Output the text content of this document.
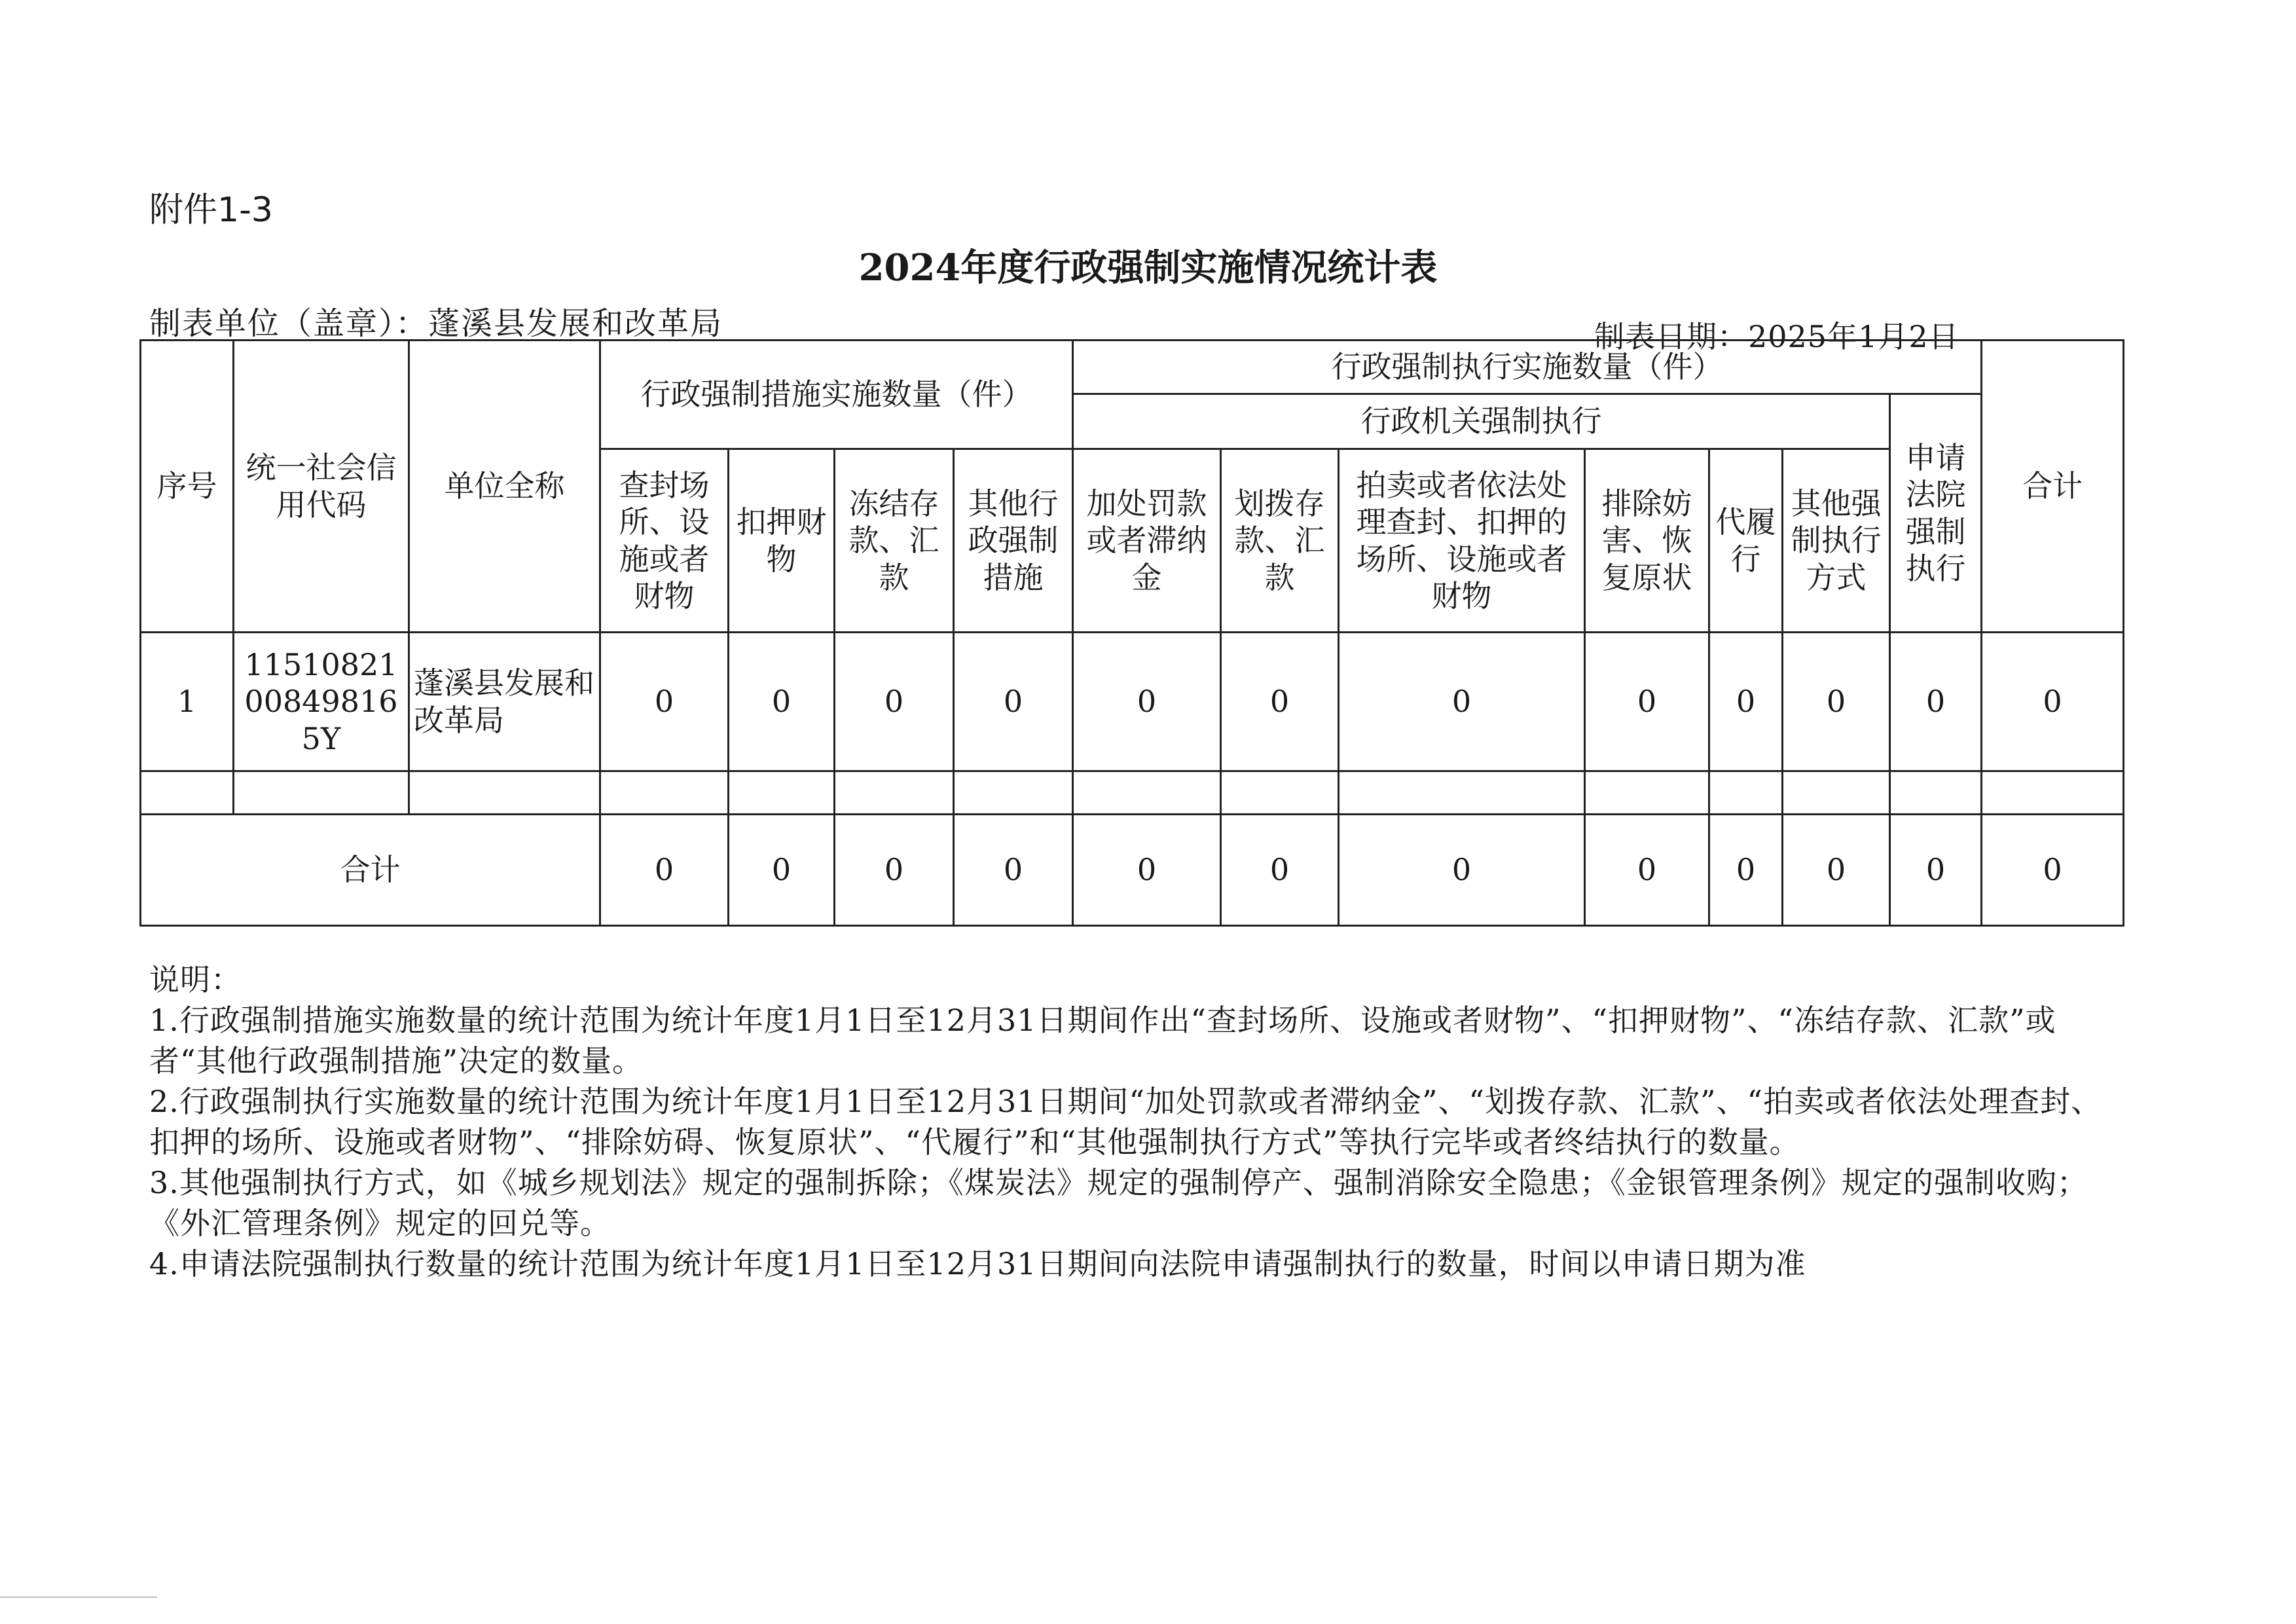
附件1-3
2024年度行政强制实施情况统计表
制表单位（盖章）：蓬溪县发展和改革局	制表日期：2025年1月2日
序号	统一社会信用代码	单位全称	行政强制措施实施数量（件）				行政强制执行实施数量（件）							合计
							行政机关强制执行						申请法院强制执行	
			查封场所、设施或者财物	扣押财物	冻结存款、汇款	其他行政强制措施	加处罚款或者滞纳金	划拨存款、汇款	拍卖或者依法处理查封、扣押的场所、设施或者财物	排除妨害、恢复原状	代履行	其他强制执行方式		
1	11510821008498165Y	蓬溪县发展和改革局	0	0	0	0	0	0	0	0	0	0	0	0

合计			0	0	0	0	0	0	0	0	0	0	0	0

说明：

1.行政强制措施实施数量的统计范围为统计年度1月1日至12月31日期间作出“查封场所、设施或者财物”、“扣押财物”、“冻结存款、汇款”或者“其他行政强制措施”决定的数量。

2.行政强制执行实施数量的统计范围为统计年度1月1日至12月31日期间“加处罚款或者滞纳金”、“划拨存款、汇款”、“拍卖或者依法处理查封、扣押的场所、设施或者财物”、“排除妨碍、恢复原状”、“代履行”和“其他强制执行方式”等执行完毕或者终结执行的数量。

3.其他强制执行方式，如《城乡规划法》规定的强制拆除；《煤炭法》规定的强制停产、强制消除安全隐患；《金银管理条例》规定的强制收购；《外汇管理条例》规定的回兑等。

4.申请法院强制执行数量的统计范围为统计年度1月1日至12月31日期间向法院申请强制执行的数量，时间以申请日期为准
